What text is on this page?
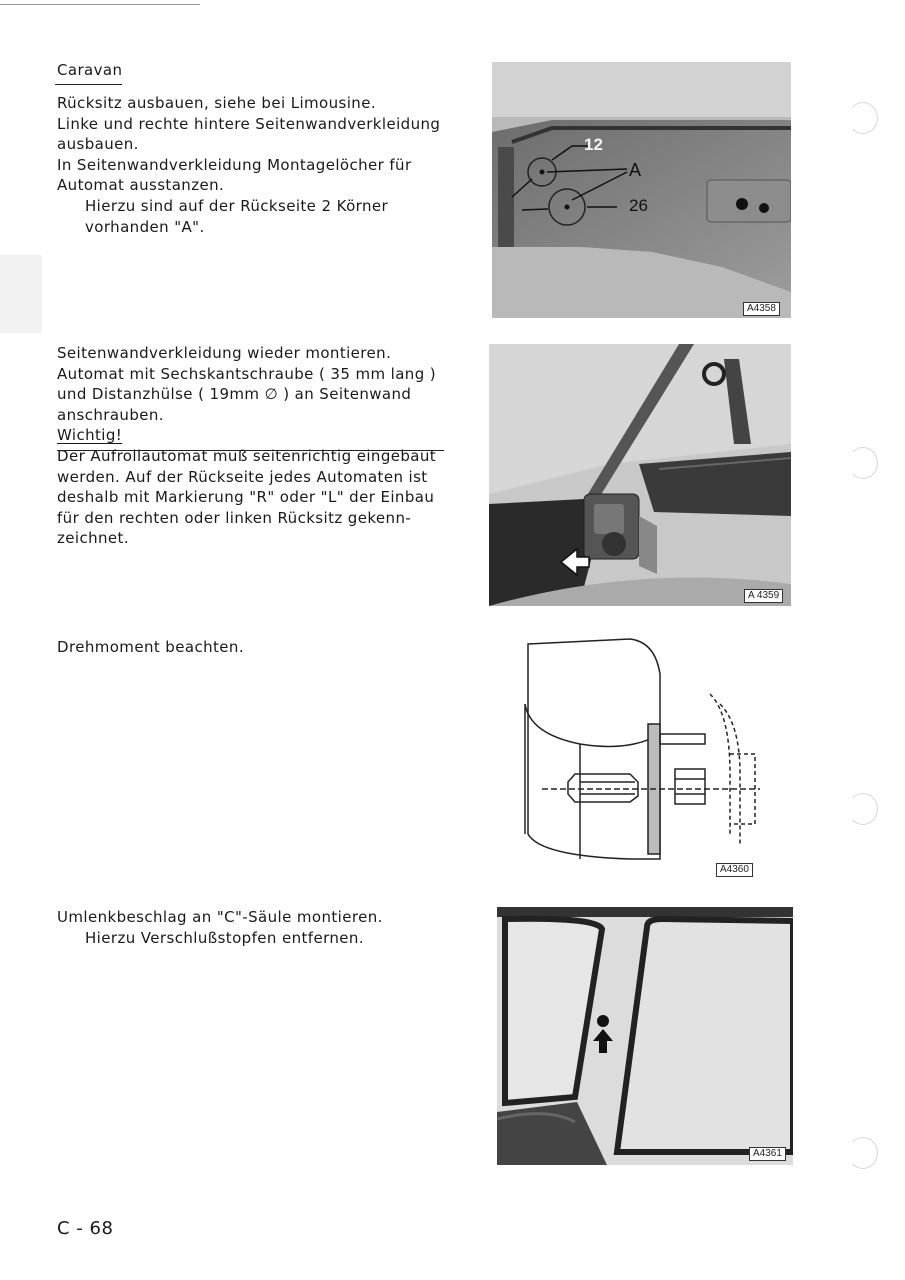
Caravan
Rücksitz ausbauen, siehe bei Limousine.
Linke und rechte hintere Seitenwandverkleidung
ausbauen.
In Seitenwandverkleidung Montagelöcher für
Automat ausstanzen.
Hierzu sind auf der Rückseite 2 Körner
vorhanden "A".
Seitenwandverkleidung wieder montieren.
Automat mit Sechskantschraube ( 35 mm lang )
und Distanzhülse ( 19mm ∅ ) an Seitenwand
anschrauben.
Wichtig!
Der Aufrollautomat muß seitenrichtig eingebaut
werden. Auf der Rückseite jedes Automaten ist
deshalb mit Markierung "R" oder "L" der Einbau
für den rechten oder linken Rücksitz gekenn-
zeichnet.
Drehmoment beachten.
Umlenkbeschlag an "C"-Säule montieren.
Hierzu Verschlußstopfen entfernen.
12
A
26
A4358
A 4359
A4360
A4361
C - 68
